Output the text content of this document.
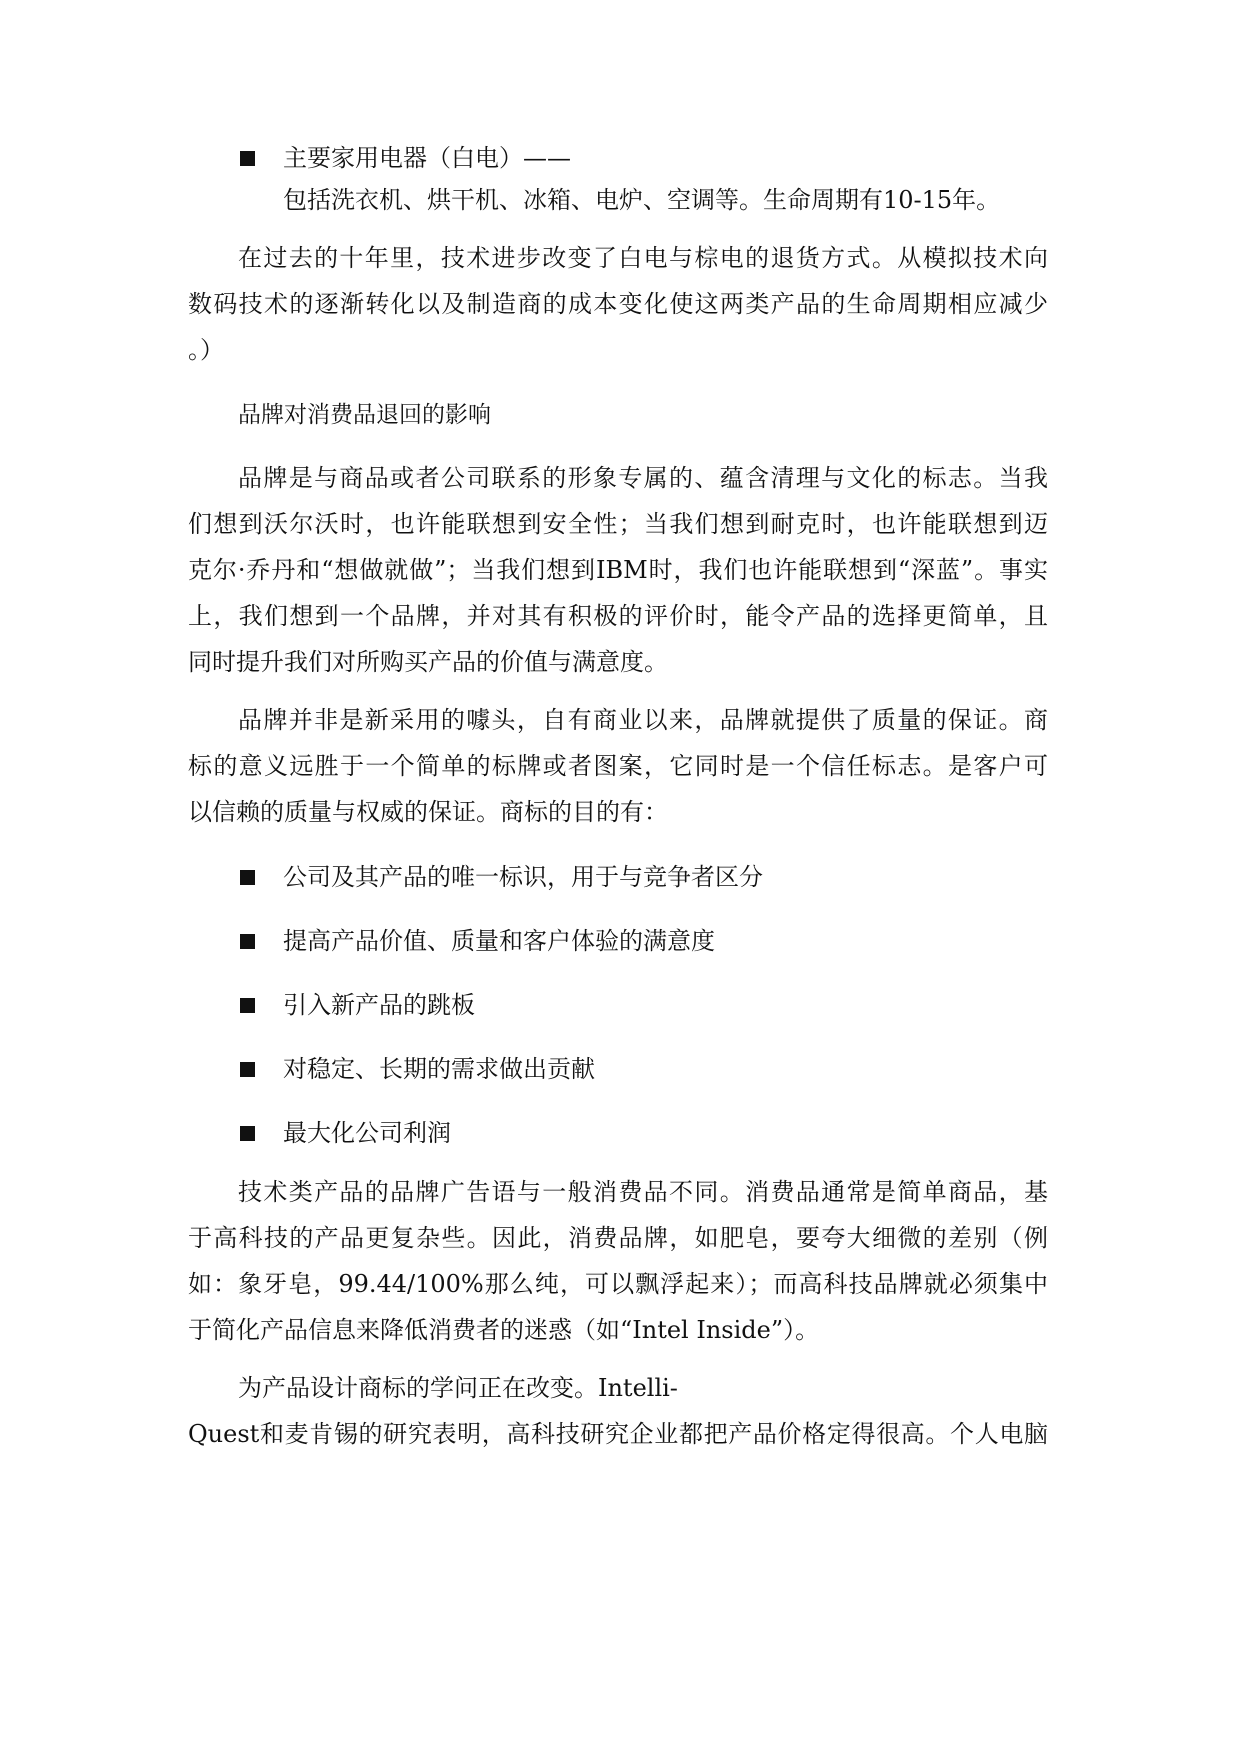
主要家用电器（白电）——
包括洗衣机、烘干机、冰箱、电炉、空调等。生命周期有10-15年。
在过去的十年里，技术进步改变了白电与棕电的退货方式。从模拟技术向
数码技术的逐渐转化以及制造商的成本变化使这两类产品的生命周期相应减少
。）
品牌对消费品退回的影响
品牌是与商品或者公司联系的形象专属的、蕴含清理与文化的标志。当我
们想到沃尔沃时，也许能联想到安全性；当我们想到耐克时，也许能联想到迈
克尔·乔丹和“想做就做”；当我们想到IBM时，我们也许能联想到“深蓝”。事实
上，我们想到一个品牌，并对其有积极的评价时，能令产品的选择更简单，且
同时提升我们对所购买产品的价值与满意度。
品牌并非是新采用的噱头，自有商业以来，品牌就提供了质量的保证。商
标的意义远胜于一个简单的标牌或者图案，它同时是一个信任标志。是客户可
以信赖的质量与权威的保证。商标的目的有：
公司及其产品的唯一标识，用于与竞争者区分
提高产品价值、质量和客户体验的满意度
引入新产品的跳板
对稳定、长期的需求做出贡献
最大化公司利润
技术类产品的品牌广告语与一般消费品不同。消费品通常是简单商品，基
于高科技的产品更复杂些。因此，消费品牌，如肥皂，要夸大细微的差别（例
如：象牙皂，99.44/100%那么纯，可以飘浮起来）；而高科技品牌就必须集中
于简化产品信息来降低消费者的迷惑（如“Intel Inside”）。
为产品设计商标的学问正在改变。Intelli-
Quest和麦肯锡的研究表明，高科技研究企业都把产品价格定得很高。个人电脑
